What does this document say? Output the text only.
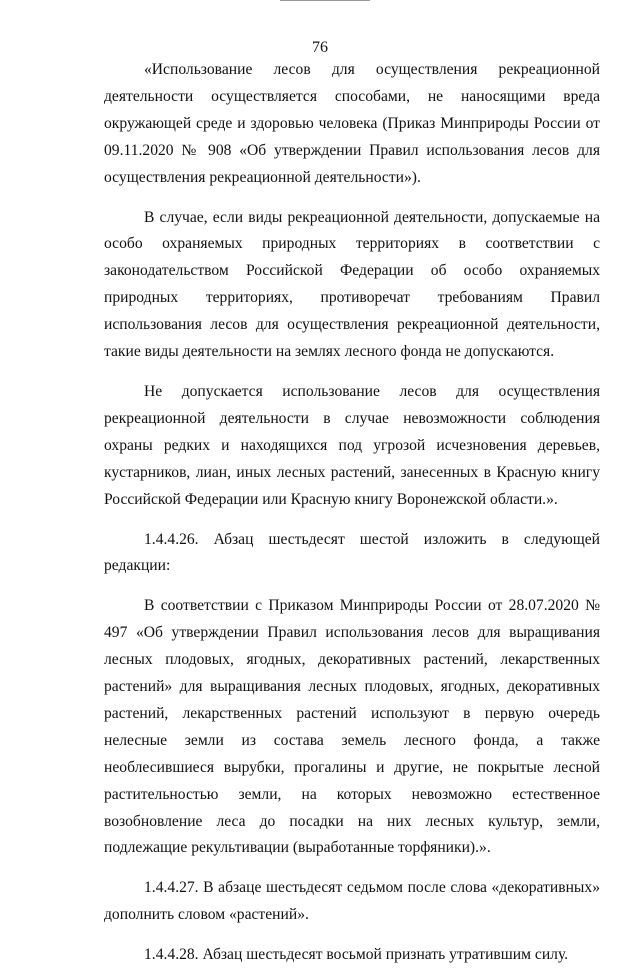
76

«Использование лесов для осуществления рекреационной деятельности осуществляется способами, не наносящими вреда окружающей среде и здоровью человека (Приказ Минприроды России от 09.11.2020 № 908 «Об утверждении Правил использования лесов для осуществления рекреационной деятельности»).

В случае, если виды рекреационной деятельности, допускаемые на особо охраняемых природных территориях в соответствии с законодательством Российской Федерации об особо охраняемых природных территориях, противоречат требованиям Правил использования лесов для осуществления рекреационной деятельности, такие виды деятельности на землях лесного фонда не допускаются.

Не допускается использование лесов для осуществления рекреационной деятельности в случае невозможности соблюдения охраны редких и находящихся под угрозой исчезновения деревьев, кустарников, лиан, иных лесных растений, занесенных в Красную книгу Российской Федерации или Красную книгу Воронежской области.».

1.4.4.26. Абзац шестьдесят шестой изложить в следующей редакции:

В соответствии с Приказом Минприроды России от 28.07.2020 № 497 «Об утверждении Правил использования лесов для выращивания лесных плодовых, ягодных, декоративных растений, лекарственных растений» для выращивания лесных плодовых, ягодных, декоративных растений, лекарственных растений используют в первую очередь нелесные земли из состава земель лесного фонда, а также необлесившиеся вырубки, прогалины и другие, не покрытые лесной растительностью земли, на которых невозможно естественное возобновление леса до посадки на них лесных культур, земли, подлежащие рекультивации (выработанные торфяники).».

1.4.4.27. В абзаце шестьдесят седьмом после слова «декоративных» дополнить словом «растений».

1.4.4.28. Абзац шестьдесят восьмой признать утратившим силу.
